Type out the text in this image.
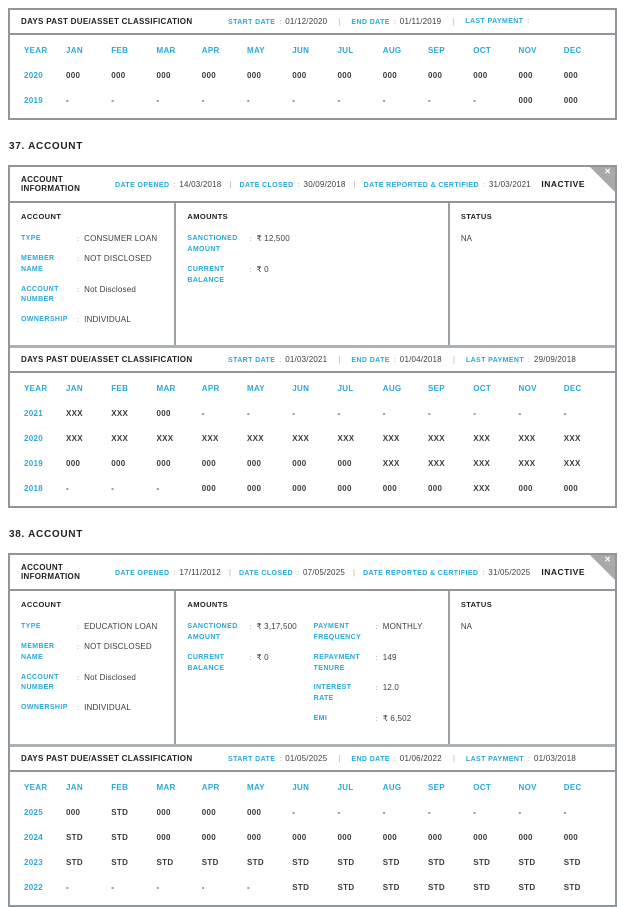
DAYS PAST DUE/ASSET CLASSIFICATION	START DATE : 01/12/2020 | END DATE : 01/11/2019 | LAST PAYMENT :
YEAR	JAN	FEB	MAR	APR	MAY	JUN	JUL	AUG	SEP	OCT	NOV	DEC
2020	000	000	000	000	000	000	000	000	000	000	000	000
2019	-	-	-	-	-	-	-	-	-	-	000	000
37. ACCOUNT
✕
ACCOUNT INFORMATION	DATE OPENED : 14/03/2018 | DATE CLOSED : 30/09/2018 | DATE REPORTED & CERTIFIED : 31/03/2021 INACTIVE
ACCOUNT
TYPE	: CONSUMER LOAN
MEMBER NAME
: NOT DISCLOSED
ACCOUNT NUMBER
: Not Disclosed
OWNERSHIP	: INDIVIDUAL
AMOUNTS
SANCTIONED AMOUNT
: ₹ 12,500
CURRENT BALANCE
: ₹ 0
STATUS
NA
DAYS PAST DUE/ASSET CLASSIFICATION	START DATE : 01/03/2021 | END DATE : 01/04/2018 | LAST PAYMENT : 29/09/2018
YEAR	JAN	FEB	MAR	APR	MAY	JUN	JUL	AUG	SEP	OCT	NOV	DEC
2021	XXX	XXX	000	-	-	-	-	-	-	-	-	-
2020	XXX	XXX	XXX	XXX	XXX	XXX	XXX	XXX	XXX	XXX	XXX	XXX
2019	000	000	000	000	000	000	000	XXX	XXX	XXX	XXX	XXX
2018	-	-	-	000	000	000	000	000	000	XXX	000	000
38. ACCOUNT
✕
ACCOUNT INFORMATION	DATE OPENED : 17/11/2012 | DATE CLOSED : 07/05/2025 | DATE REPORTED & CERTIFIED : 31/05/2025 INACTIVE
ACCOUNT
TYPE	: EDUCATION LOAN
MEMBER NAME
: NOT DISCLOSED
ACCOUNT NUMBER
: Not Disclosed
OWNERSHIP	: INDIVIDUAL
AMOUNTS
SANCTIONED AMOUNT
: ₹ 3,17,500
CURRENT BALANCE
: ₹ 0
PAYMENT FREQUENCY
: MONTHLY
REPAYMENT TENURE
: 149
INTEREST RATE
: 12.0
EMI	: ₹ 6,502
STATUS
NA
DAYS PAST DUE/ASSET CLASSIFICATION	START DATE : 01/05/2025 | END DATE : 01/06/2022 | LAST PAYMENT : 01/03/2018
YEAR	JAN	FEB	MAR	APR	MAY	JUN	JUL	AUG	SEP	OCT	NOV	DEC
2025	000	STD	000	000	000	-	-	-	-	-	-	-
2024	STD	STD	000	000	000	000	000	000	000	000	000	000
2023	STD	STD	STD	STD	STD	STD	STD	STD	STD	STD	STD	STD
2022	-	-	-	-	-	STD	STD	STD	STD	STD	STD	STD
